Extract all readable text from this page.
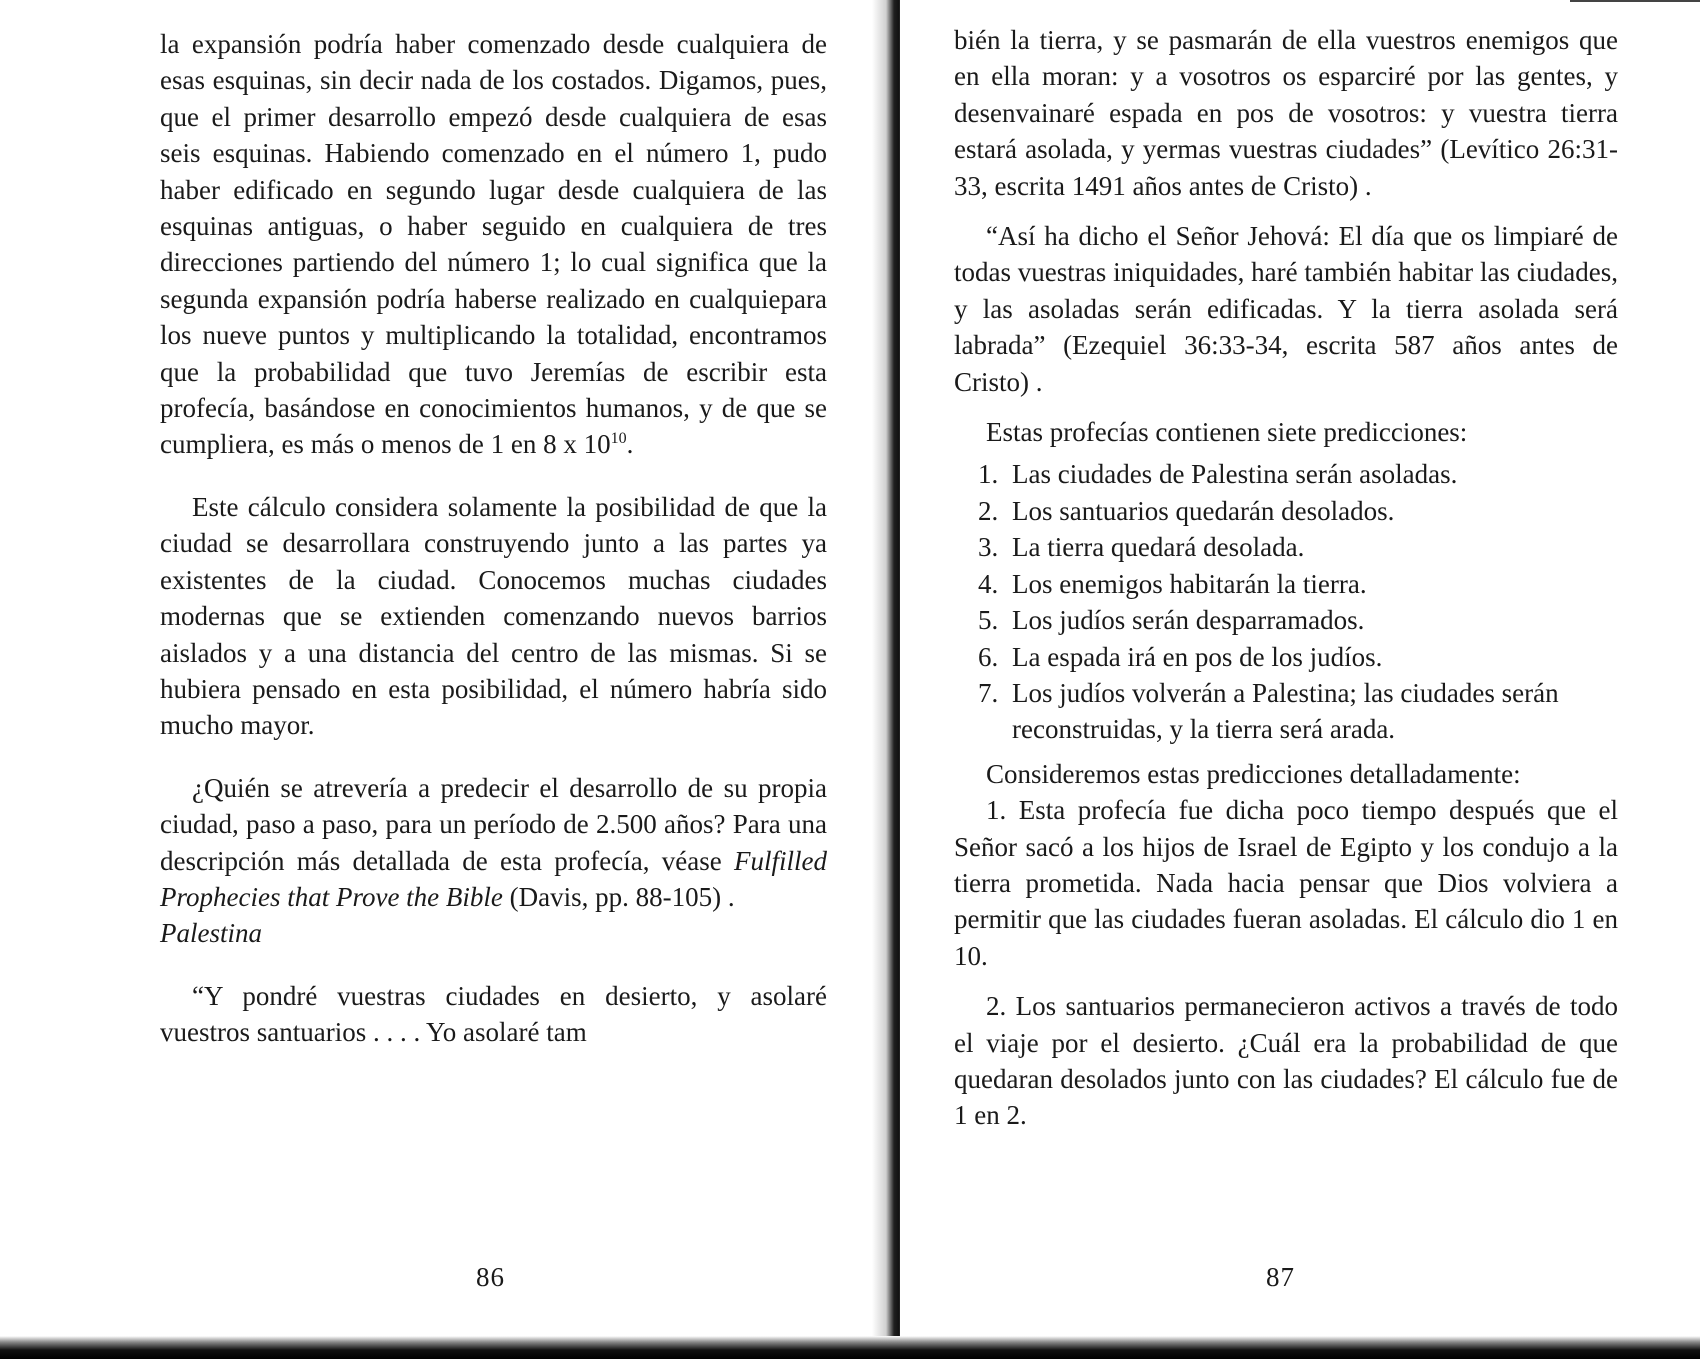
la expansión podría haber comenzado desde cualquiera de esas esquinas, sin decir nada de los costados. Digamos, pues, que el primer desarrollo empezó desde cualquiera de esas seis esquinas. Habiendo comenzado en el número 1, pudo haber edificado en segundo lugar desde cualquiera de las esquinas antiguas, o haber seguido en cualquiera de tres direcciones partiendo del número 1; lo cual significa que la segunda expansión podría haberse realizado en cualquiepara los nueve puntos y multiplicando la totalidad, encontramos que la probabilidad que tuvo Jeremías de escribir esta profecía, basándose en conocimientos humanos, y de que se cumpliera, es más o menos de 1 en 8 x $10^{10}$.

Este cálculo considera solamente la posibilidad de que la ciudad se desarrollara construyendo junto a las partes ya existentes de la ciudad. Conocemos muchas ciudades modernas que se extienden comenzando nuevos barrios aislados y a una distancia del centro de las mismas. Si se hubiera pensado en esta posibilidad, el número habría sido mucho mayor.

¿Quién se atrevería a predecir el desarrollo de su propia ciudad, paso a paso, para un período de 2.500 años? Para una descripción más detallada de esta profecía, véase Fulfilled Prophecies that Prove the Bible (Davis, pp. 88-105) .

Palestina

“Y pondré vuestras ciudades en desierto, y asolaré vuestros santuarios . . . . Yo asolaré tam

86

bién la tierra, y se pasmarán de ella vuestros enemigos que en ella moran: y a vosotros os esparciré por las gentes, y desenvainaré espada en pos de vosotros: y vuestra tierra estará asolada, y yermas vuestras ciudades” (Levítico 26:31-33, escrita 1491 años antes de Cristo) .

“Así ha dicho el Señor Jehová: El día que os limpiaré de todas vuestras iniquidades, haré también habitar las ciudades, y las asoladas serán edificadas. Y la tierra asolada será labrada” (Ezequiel 36:33-34, escrita 587 años antes de Cristo) .

Estas profecías contienen siete predicciones:

1. Las ciudades de Palestina serán asoladas.
2. Los santuarios quedarán desolados.
3. La tierra quedará desolada.
4. Los enemigos habitarán la tierra.
5. Los judíos serán desparramados.
6. La espada irá en pos de los judíos.
7. Los judíos volverán a Palestina; las ciudades serán reconstruidas, y la tierra será arada.

Consideremos estas predicciones detalladamente:

1. Esta profecía fue dicha poco tiempo después que el Señor sacó a los hijos de Israel de Egipto y los condujo a la tierra prometida. Nada hacia pensar que Dios volviera a permitir que las ciudades fueran asoladas. El cálculo dio 1 en 10.

2. Los santuarios permanecieron activos a través de todo el viaje por el desierto. ¿Cuál era la probabilidad de que quedaran desolados junto con las ciudades? El cálculo fue de 1 en 2.

87
